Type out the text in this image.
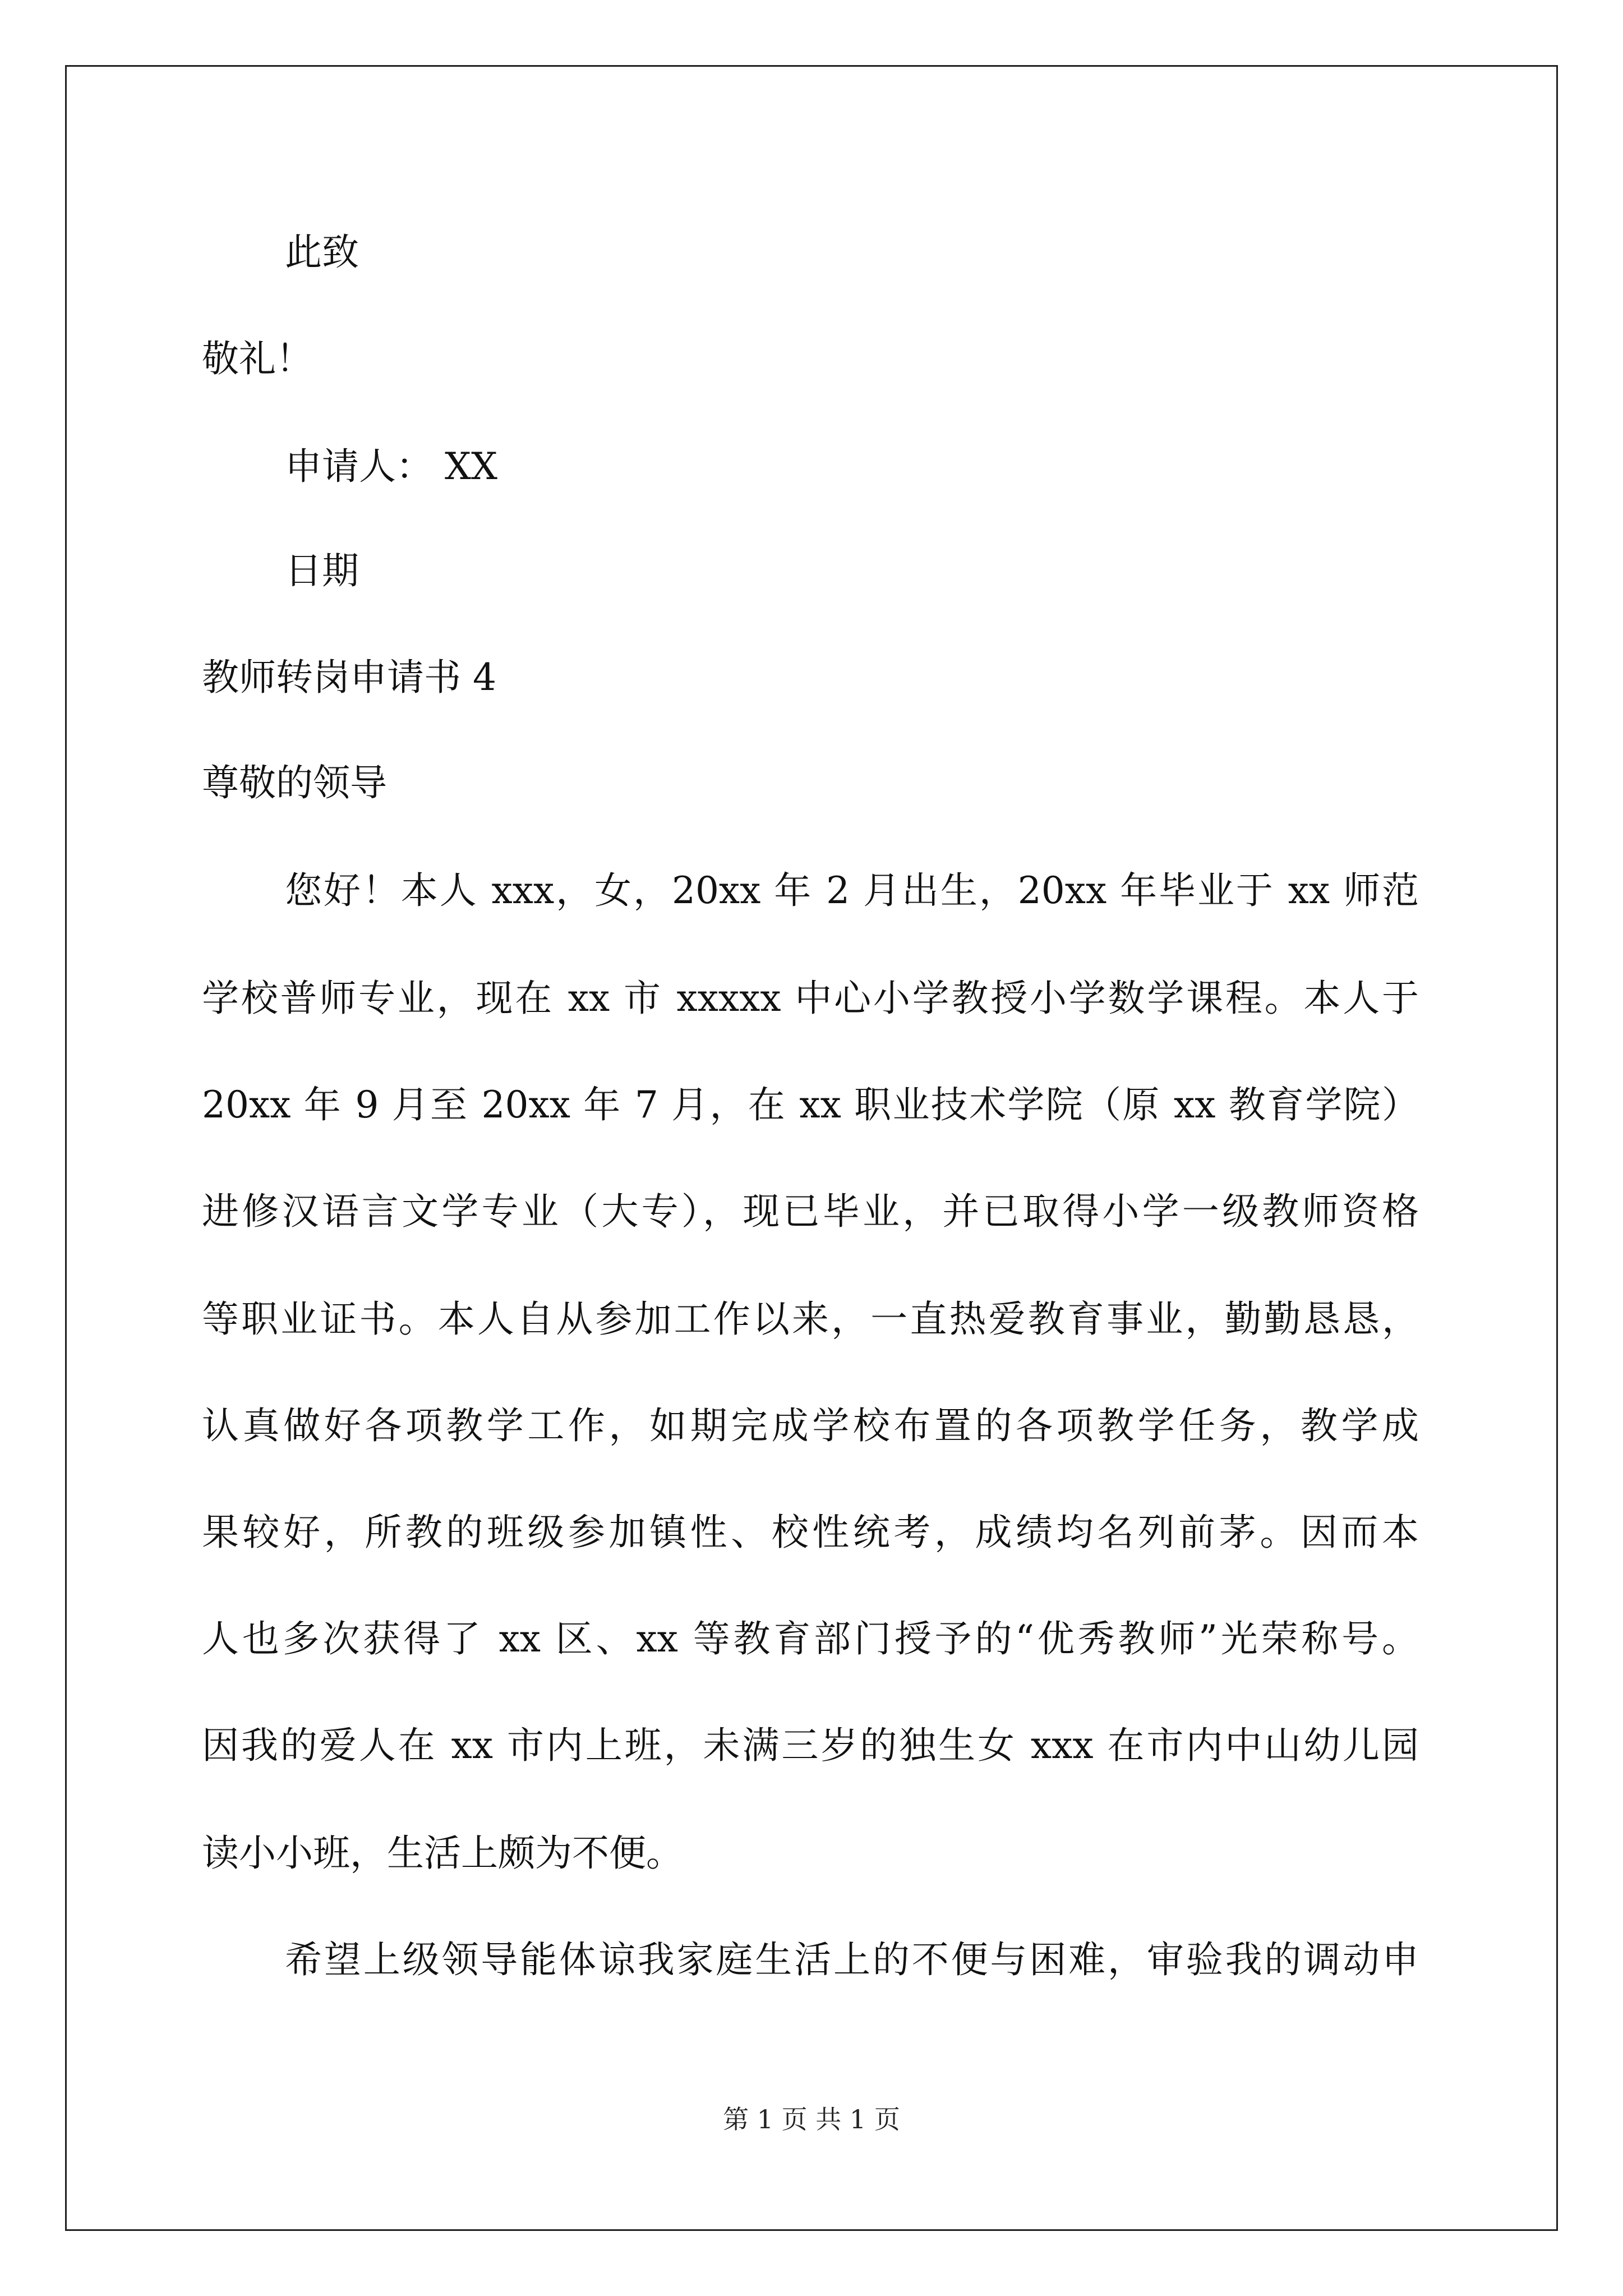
此致
敬礼！
申请人： XX
日期
教师转岗申请书 4
尊敬的领导
您好！本人 xxx，女，20xx 年 2 月出生，20xx 年毕业于 xx 师范
学校普师专业，现在 xx 市 xxxxx 中心小学教授小学数学课程。本人于
20xx 年 9 月至 20xx 年 7 月，在 xx 职业技术学院（原 xx 教育学院）
进修汉语言文学专业（大专），现已毕业，并已取得小学一级教师资格
等职业证书。本人自从参加工作以来，一直热爱教育事业，勤勤恳恳，
认真做好各项教学工作，如期完成学校布置的各项教学任务，教学成
果较好，所教的班级参加镇性、校性统考，成绩均名列前茅。因而本
人也多次获得了 xx 区、xx 等教育部门授予的“优秀教师”光荣称号。
因我的爱人在 xx 市内上班，未满三岁的独生女 xxx 在市内中山幼儿园
读小小班，生活上颇为不便。
希望上级领导能体谅我家庭生活上的不便与困难，审验我的调动申
第 1 页 共 1 页
